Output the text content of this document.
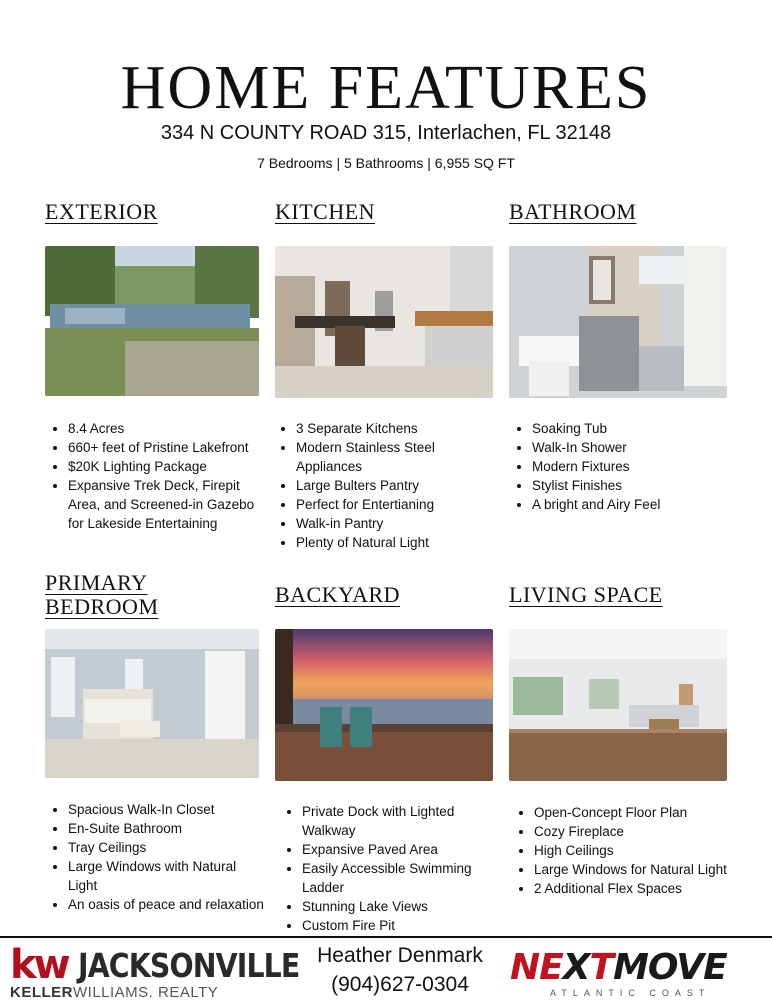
HOME FEATURES
334 N COUNTY ROAD 315, Interlachen, FL 32148
7 Bedrooms | 5 Bathrooms | 6,955 SQ FT
EXTERIOR
• 8.4 Acres
• 660+ feet of Pristine Lakefront
• $20K Lighting Package
• Expansive Trek Deck, Firepit Area, and Screened-in Gazebo for Lakeside Entertaining
KITCHEN
• 3 Separate Kitchens
• Modern Stainless Steel Appliances
• Large Bulters Pantry
• Perfect for Entertianing
• Walk-in Pantry
• Plenty of Natural Light
BATHROOM
• Soaking Tub
• Walk-In Shower
• Modern Fixtures
• Stylist Finishes
• A bright and Airy Feel
PRIMARY
BEDROOM
• Spacious Walk-In Closet
• En-Suite Bathroom
• Tray Ceilings
• Large Windows with Natural Light
• An oasis of peace and relaxation
BACKYARD
• Private Dock with Lighted Walkway
• Expansive Paved Area
• Easily Accessible Swimming Ladder
• Stunning Lake Views
• Custom Fire Pit
LIVING SPACE
• Open-Concept Floor Plan
• Cozy Fireplace
• High Ceilings
• Large Windows for Natural Light
• 2 Additional Flex Spaces
kw JACKSONVILLE
KELLERWILLIAMS. REALTY
Heather Denmark
(904)627-0304	NEXTMOVE
ATLANTIC COAST
